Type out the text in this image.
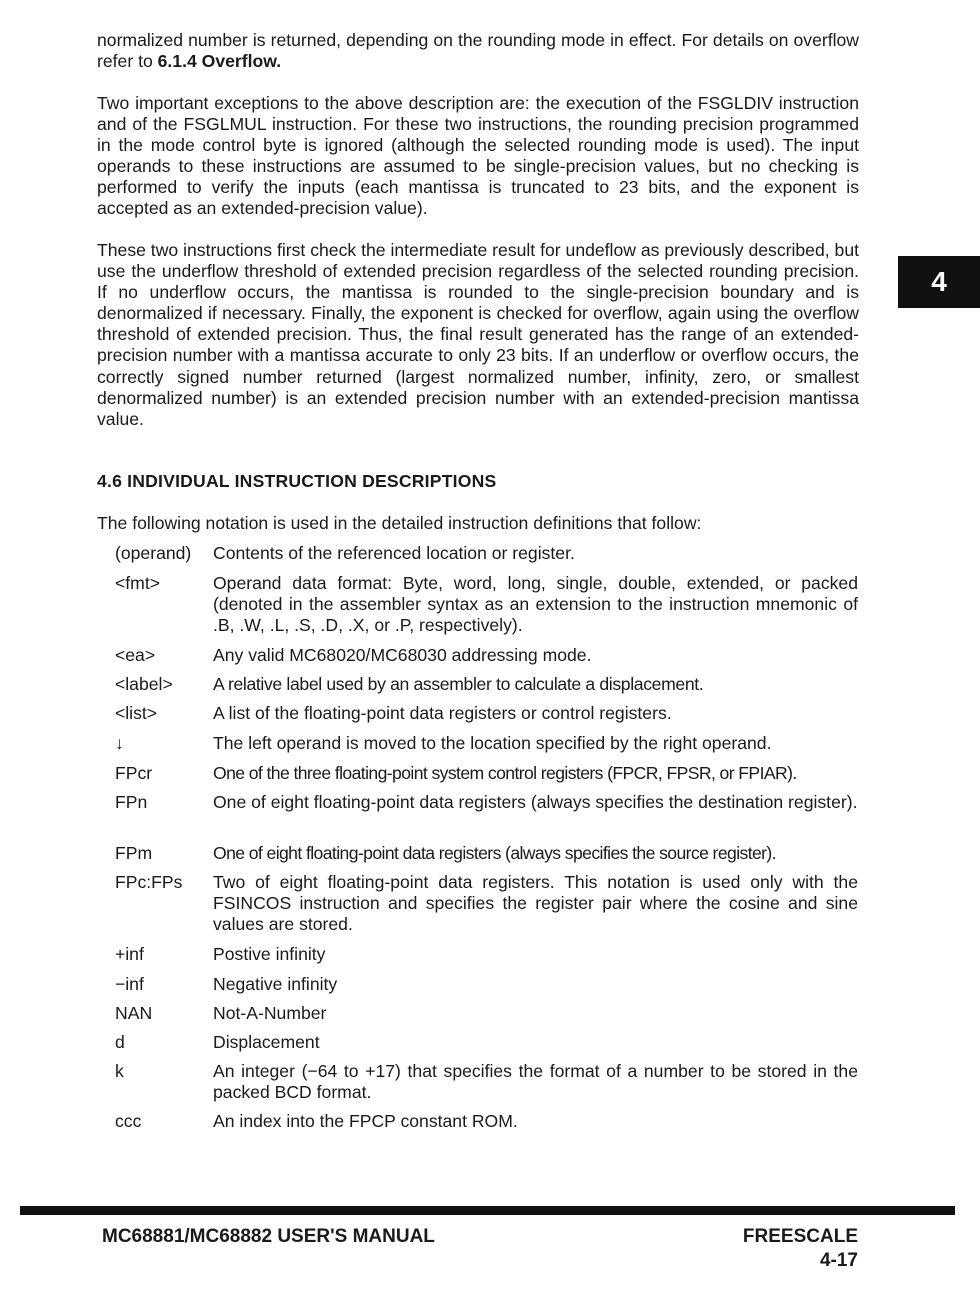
normalized number is returned, depending on the rounding mode in effect. For details on overflow refer to 6.1.4 Overflow.

Two important exceptions to the above description are: the execution of the FSGLDIV instruction and of the FSGLMUL instruction. For these two instructions, the rounding precision programmed in the mode control byte is ignored (although the selected rounding mode is used). The input operands to these instructions are assumed to be single-precision values, but no checking is performed to verify the inputs (each mantissa is truncated to 23 bits, and the exponent is accepted as an extended-precision value).

These two instructions first check the intermediate result for undeflow as previously described, but use the underflow threshold of extended precision regardless of the selected rounding precision. If no underflow occurs, the mantissa is rounded to the single-precision boundary and is denormalized if necessary. Finally, the exponent is checked for overflow, again using the overflow threshold of extended precision. Thus, the final result generated has the range of an extended-precision number with a mantissa accurate to only 23 bits. If an underflow or overflow occurs, the correctly signed number returned (largest normalized number, infinity, zero, or smallest denormalized number) is an extended precision number with an extended-precision mantissa value.

4.6 INDIVIDUAL INSTRUCTION DESCRIPTIONS

The following notation is used in the detailed instruction definitions that follow:

(operand) Contents of the referenced location or register.
<fmt>	Operand data format: Byte, word, long, single, double, extended, or packed (denoted in the assembler syntax as an extension to the instruction mnemonic of .B, .W, .L, .S, .D, .X, or .P, respectively).
<ea>	Any valid MC68020/MC68030 addressing mode.
<label> A relative label used by an assembler to calculate a displacement.
<list>	A list of the floating-point data registers or control registers.
↓	The left operand is moved to the location specified by the right operand.
FPcr	One of the three floating-point system control registers (FPCR, FPSR, or FPIAR).
FPn	One of eight floating-point data registers (always specifies the destination register).
FPm	One of eight floating-point data registers (always specifies the source register).
FPc:FPs Two of eight floating-point data registers. This notation is used only with the FSINCOS instruction and specifies the register pair where the cosine and sine values are stored.
+inf	Postive infinity
−inf	Negative infinity
NAN	Not-A-Number
d	Displacement
k	An integer (−64 to +17) that specifies the format of a number to be stored in the packed BCD format.
ccc	An index into the FPCP constant ROM.
4
MC68881/MC68882 USER'S MANUAL	FREESCALE
4-17
